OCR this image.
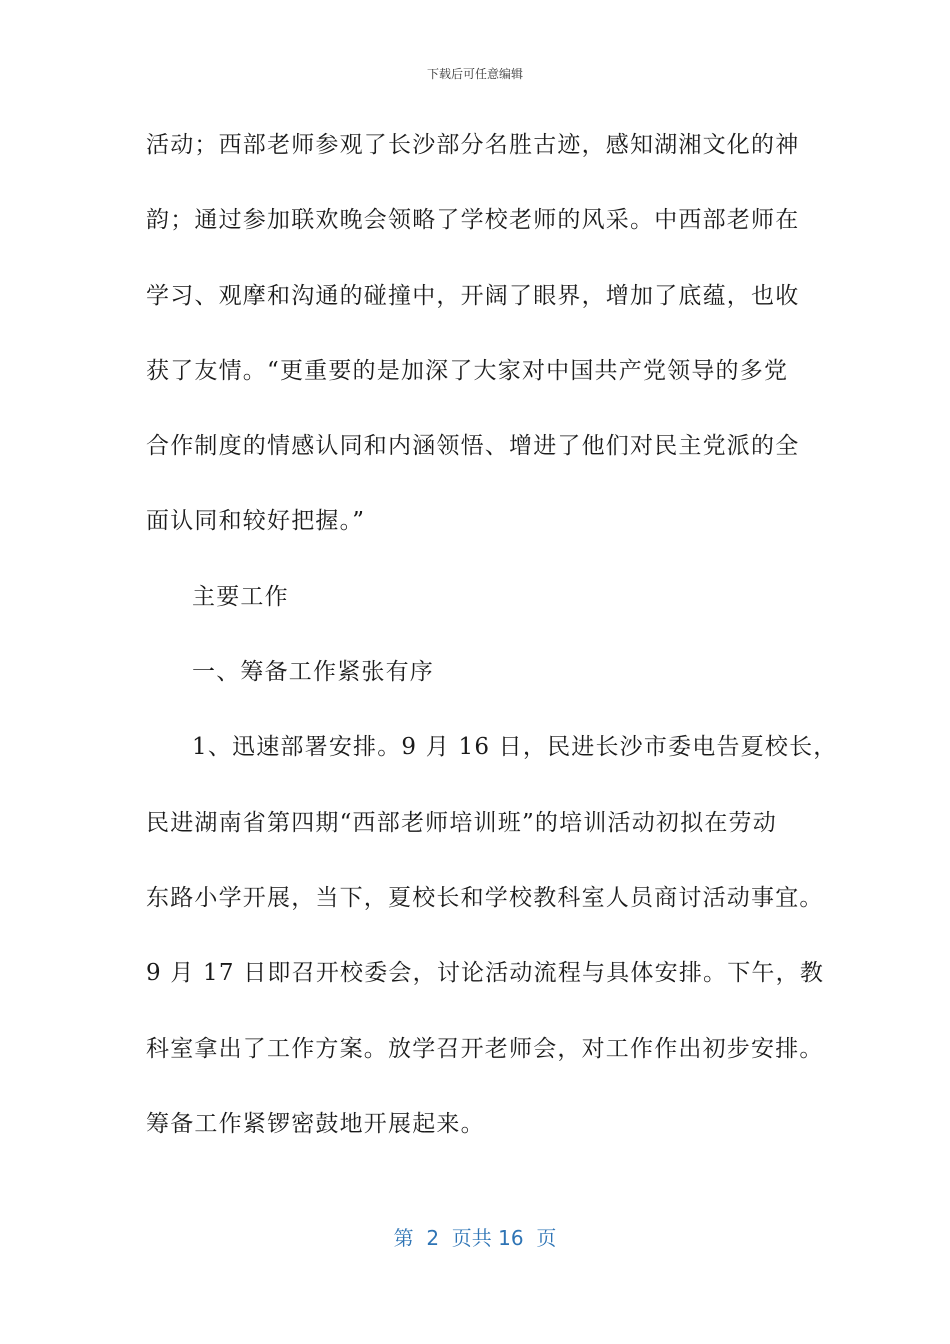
下载后可任意编辑
活动；西部老师参观了长沙部分名胜古迹，感知湖湘文化的神
韵；通过参加联欢晚会领略了学校老师的风采。中西部老师在
学习、观摩和沟通的碰撞中，开阔了眼界，增加了底蕴，也收
获了友情。“更重要的是加深了大家对中国共产党领导的多党
合作制度的情感认同和内涵领悟、增进了他们对民主党派的全
面认同和较好把握。”
主要工作
一、筹备工作紧张有序
1、迅速部署安排。9 月 16 日，民进长沙市委电告夏校长，
民进湖南省第四期“西部老师培训班”的培训活动初拟在劳动
东路小学开展，当下，夏校长和学校教科室人员商讨活动事宜。
9 月 17 日即召开校委会，讨论活动流程与具体安排。下午，教
科室拿出了工作方案。放学召开老师会，对工作作出初步安排。
筹备工作紧锣密鼓地开展起来。
第  2  页共 16  页
